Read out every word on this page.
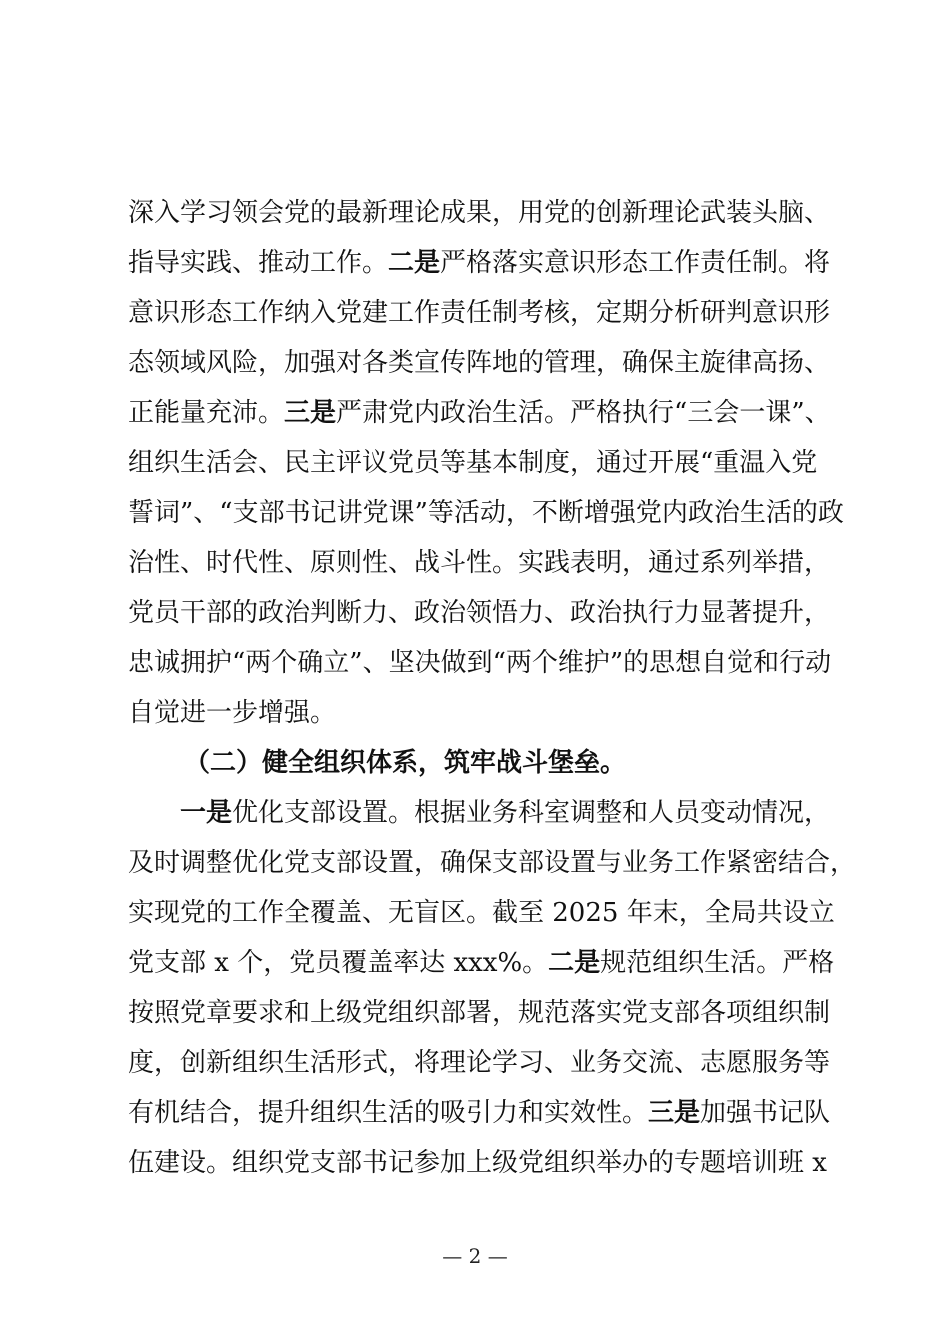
深入学习领会党的最新理论成果，用党的创新理论武装头脑、
指导实践、推动工作。二是严格落实意识形态工作责任制。将
意识形态工作纳入党建工作责任制考核，定期分析研判意识形
态领域风险，加强对各类宣传阵地的管理，确保主旋律高扬、
正能量充沛。三是严肃党内政治生活。严格执行“三会一课”、
组织生活会、民主评议党员等基本制度，通过开展“重温入党
誓词”、“支部书记讲党课”等活动，不断增强党内政治生活的政
治性、时代性、原则性、战斗性。实践表明，通过系列举措，
党员干部的政治判断力、政治领悟力、政治执行力显著提升，
忠诚拥护“两个确立”、坚决做到“两个维护”的思想自觉和行动
自觉进一步增强。
（二）健全组织体系，筑牢战斗堡垒。
一是优化支部设置。根据业务科室调整和人员变动情况，
及时调整优化党支部设置，确保支部设置与业务工作紧密结合，
实现党的工作全覆盖、无盲区。截至 2025 年末，全局共设立
党支部 x 个，党员覆盖率达 xxx%。二是规范组织生活。严格
按照党章要求和上级党组织部署，规范落实党支部各项组织制
度，创新组织生活形式，将理论学习、业务交流、志愿服务等
有机结合，提升组织生活的吸引力和实效性。三是加强书记队
伍建设。组织党支部书记参加上级党组织举办的专题培训班 x
— 2 —
